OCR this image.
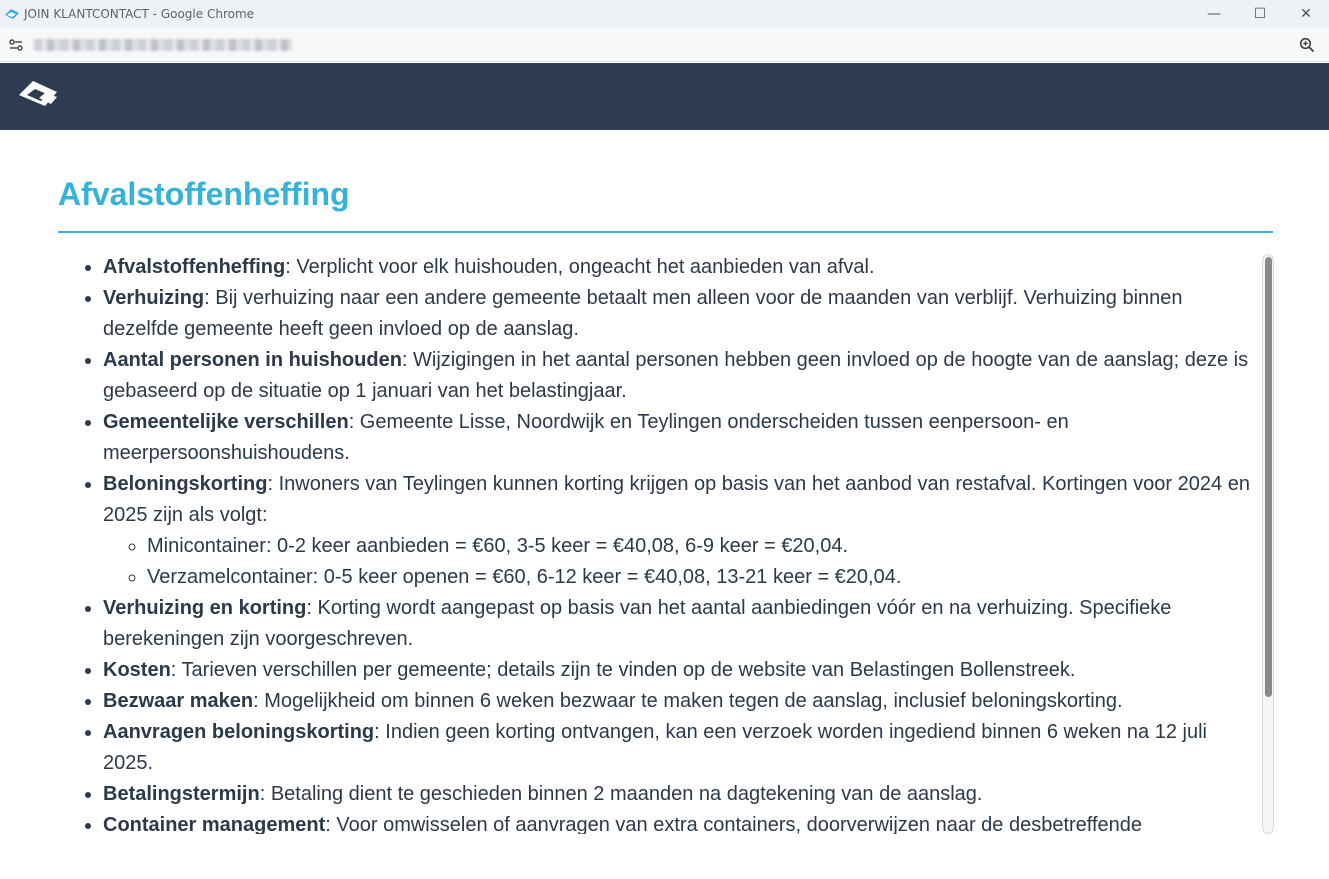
JOIN KLANTCONTACT - Google Chrome	—	☐	✕
Afvalstoffenheffing
• Afvalstoffenheffing: Verplicht voor elk huishouden, ongeacht het aanbieden van afval.
• Verhuizing: Bij verhuizing naar een andere gemeente betaalt men alleen voor de maanden van verblijf. Verhuizing binnen dezelfde gemeente heeft geen invloed op de aanslag.
• Aantal personen in huishouden: Wijzigingen in het aantal personen hebben geen invloed op de hoogte van de aanslag; deze is gebaseerd op de situatie op 1 januari van het belastingjaar.
• Gemeentelijke verschillen: Gemeente Lisse, Noordwijk en Teylingen onderscheiden tussen eenpersoon- en meerpersoonshuishoudens.
• Beloningskorting: Inwoners van Teylingen kunnen korting krijgen op basis van het aanbod van restafval. Kortingen voor 2024 en 2025 zijn als volgt:
◦ Minicontainer: 0-2 keer aanbieden = €60, 3-5 keer = €40,08, 6-9 keer = €20,04.
◦ Verzamelcontainer: 0-5 keer openen = €60, 6-12 keer = €40,08, 13-21 keer = €20,04.
• Verhuizing en korting: Korting wordt aangepast op basis van het aantal aanbiedingen vóór en na verhuizing. Specifieke berekeningen zijn voorgeschreven.
• Kosten: Tarieven verschillen per gemeente; details zijn te vinden op de website van Belastingen Bollenstreek.
• Bezwaar maken: Mogelijkheid om binnen 6 weken bezwaar te maken tegen de aanslag, inclusief beloningskorting.
• Aanvragen beloningskorting: Indien geen korting ontvangen, kan een verzoek worden ingediend binnen 6 weken na 12 juli 2025.
• Betalingstermijn: Betaling dient te geschieden binnen 2 maanden na dagtekening van de aanslag.
• Container management: Voor omwisselen of aanvragen van extra containers, doorverwijzen naar de desbetreffende
